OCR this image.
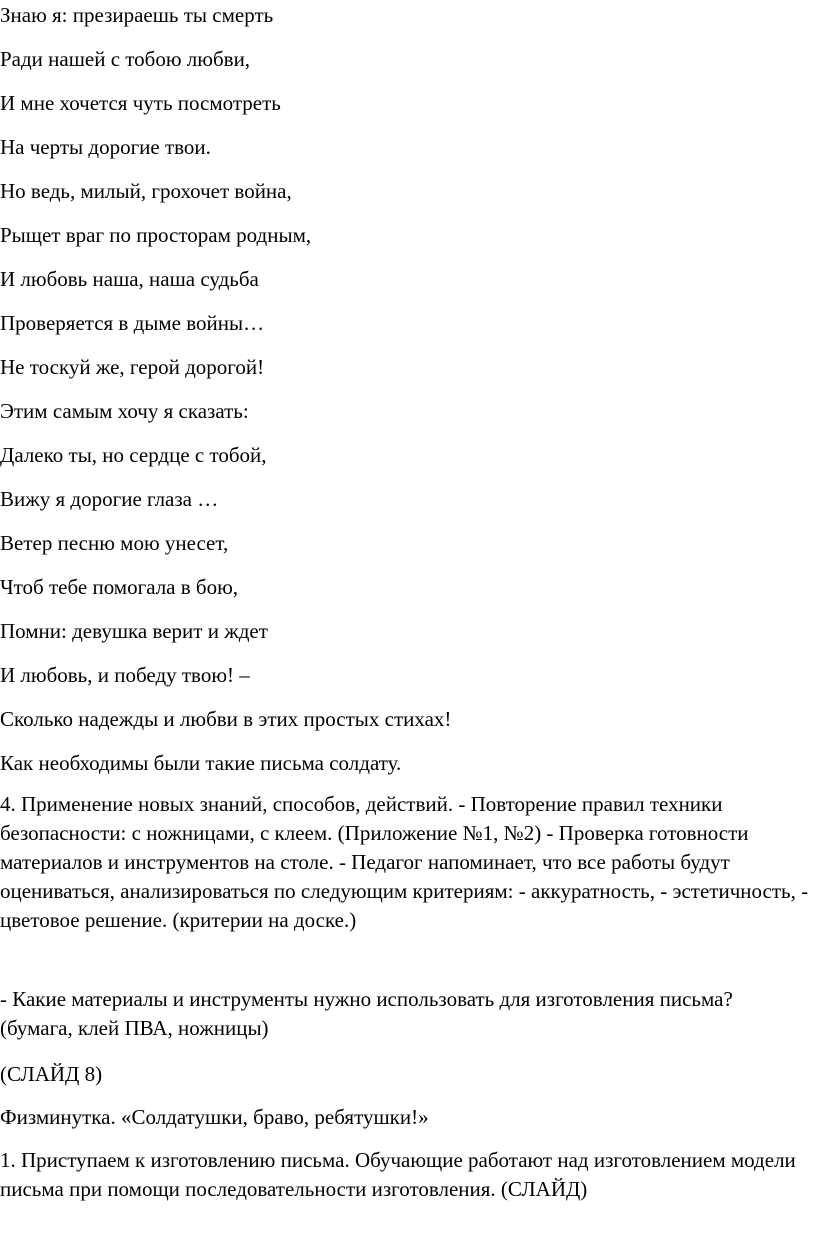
Знаю я: презираешь ты смерть
Ради нашей с тобою любви,
И мне хочется чуть посмотреть
На черты дорогие твои.
Но ведь, милый, грохочет война,
Рыщет враг по просторам родным,
И любовь наша, наша судьба
Проверяется в дыме войны…
Не тоскуй же, герой дорогой!
Этим самым хочу я сказать:
Далеко ты, но сердце с тобой,
Вижу я дорогие глаза …
Ветер песню мою унесет,
Чтоб тебе помогала в бою,
Помни: девушка верит и ждет
И любовь, и победу твою! –
Сколько надежды и любви в этих простых стихах!
Как необходимы были такие письма солдату.
4. Применение новых знаний, способов, действий. - Повторение правил техники безопасности: с ножницами, с клеем. (Приложение №1, №2) - Проверка готовности материалов и инструментов на столе. - Педагог напоминает, что все работы будут оцениваться, анализироваться по следующим критериям: - аккуратность, - эстетичность, - цветовое решение. (критерии на доске.)
- Какие материалы и инструменты нужно использовать для изготовления письма? (бумага, клей ПВА, ножницы)
(СЛАЙД 8)
Физминутка. «Солдатушки, браво, ребятушки!»
1. Приступаем к изготовлению письма. Обучающие работают над изготовлением модели письма при помощи последовательности изготовления. (СЛАЙД)
